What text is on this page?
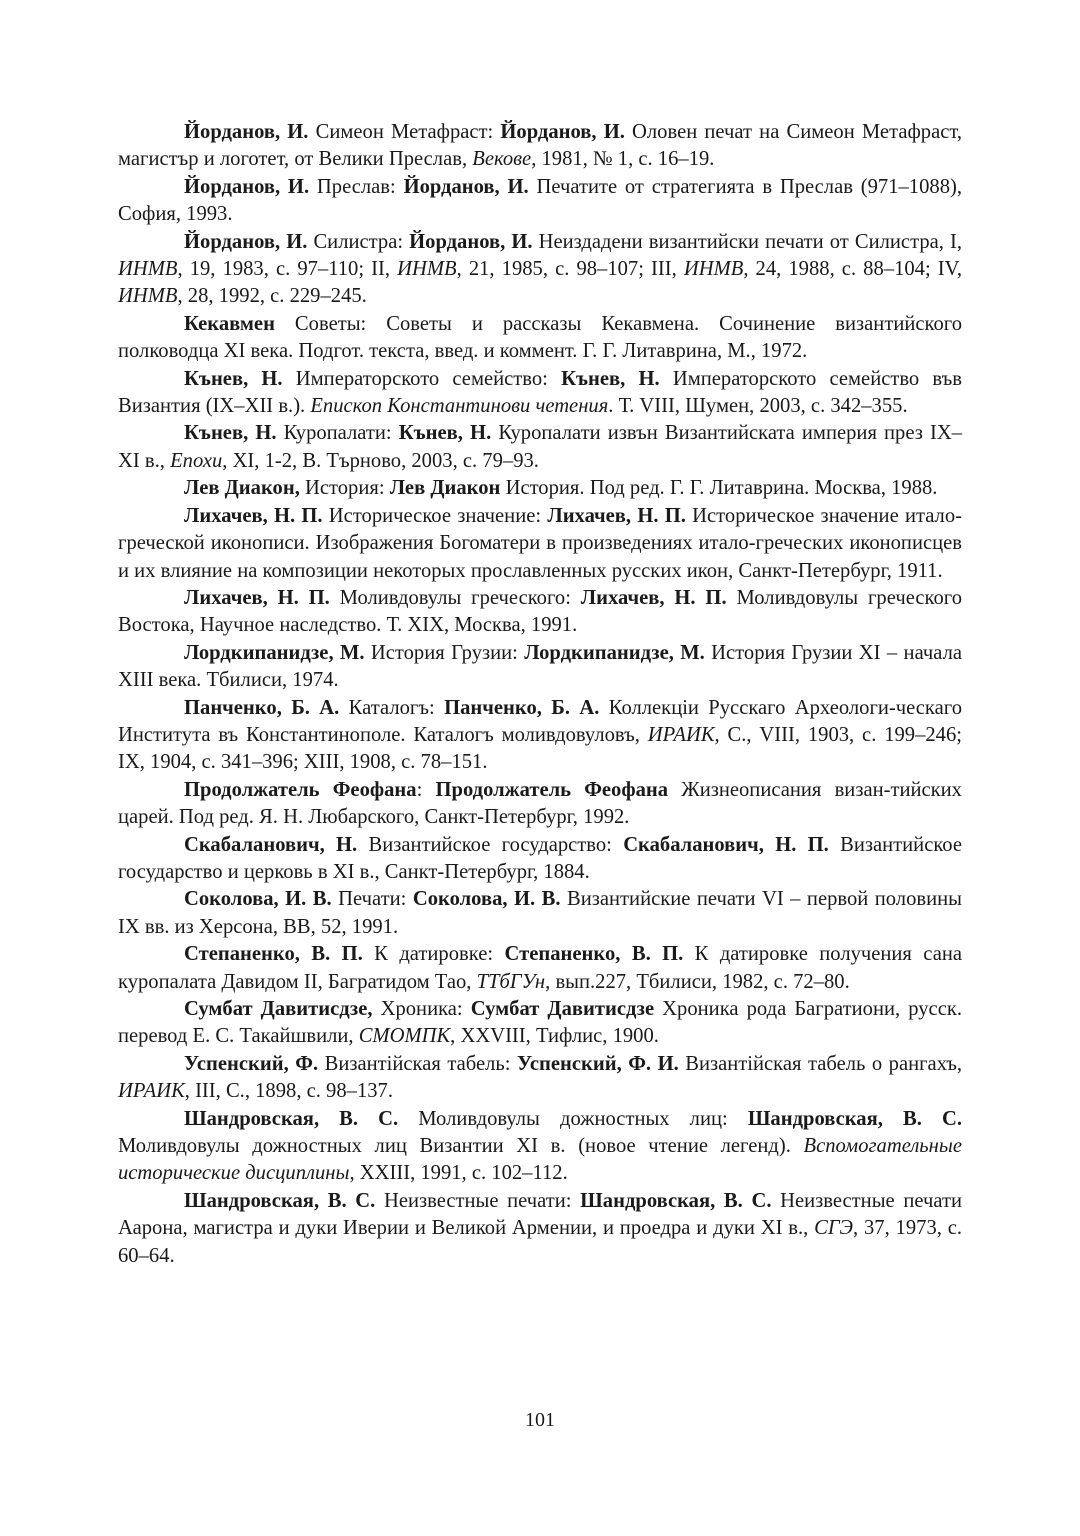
Йорданов, И. Симеон Метафраст: Йорданов, И. Оловен печат на Симеон Метафраст, магистър и логотет, от Велики Преслав, Векове, 1981, № 1, с. 16–19.

Йорданов, И. Преслав: Йорданов, И. Печатите от стратегията в Преслав (971–1088), София, 1993.

Йорданов, И. Силистра: Йорданов, И. Неиздадени византийски печати от Силистра, I, ИНМВ, 19, 1983, с. 97–110; II, ИНМВ, 21, 1985, с. 98–107; III, ИНМВ, 24, 1988, с. 88–104; IV, ИНМВ, 28, 1992, с. 229–245.

Кекавмен Советы: Советы и рассказы Кекавмена. Сочинение византийского полководца XI века. Подгот. текста, введ. и коммент. Г. Г. Литаврина, М., 1972.

Кънев, Н. Императорското семейство: Кънев, Н. Императорското семейство във Византия (IX–XII в.). Епископ Константинови четения. Т. VIII, Шумен, 2003, с. 342–355.

Кънев, Н. Куропалати: Кънев, Н. Куропалати извън Византийската империя през IX–XI в., Епохи, XI, 1-2, В. Търново, 2003, с. 79–93.

Лев Диакон, История: Лев Диакон История. Под ред. Г. Г. Литаврина. Москва, 1988.

Лихачев, Н. П. Историческое значение: Лихачев, Н. П. Историческое значение итало-греческой иконописи. Изображения Богоматери в произведениях итало-греческих иконописцев и их влияние на композиции некоторых прославленных русских икон, Санкт-Петербург, 1911.

Лихачев, Н. П. Моливдовулы греческого: Лихачев, Н. П. Моливдовулы греческого Востока, Научное наследство. Т. XIX, Москва, 1991.

Лордкипанидзе, М. История Грузии: Лордкипанидзе, М. История Грузии XI – начала XIII века. Тбилиси, 1974.

Панченко, Б. А. Каталогъ: Панченко, Б. А. Коллекцiи Русскаго Археологи-ческаго Института въ Константинополе. Каталогъ моливдовуловъ, ИРАИК, С., VIII, 1903, с. 199–246; IX, 1904, с. 341–396; XIII, 1908, с. 78–151.

Продолжатель Феофана: Продолжатель Феофана Жизнеописания визан-тийских царей. Под ред. Я. Н. Любарского, Санкт-Петербург, 1992.

Скабаланович, Н. Византийское государство: Скабаланович, Н. П. Византийское государство и церковь в XI в., Санкт-Петербург, 1884.

Соколова, И. В. Печати: Соколова, И. В. Византийские печати VI – первой половины IX вв. из Херсона, ВВ, 52, 1991.

Степаненко, В. П. К датировке: Степаненко, В. П. К датировке получения сана куропалата Давидом II, Багратидом Тао, ТТбГУн, вып.227, Тбилиси, 1982, с. 72–80.

Сумбат Давитисдзе, Хроника: Сумбат Давитисдзе Хроника рода Багратиони, русск. перевод Е. С. Такайшвили, СМОМПК, XXVIII, Тифлис, 1900.

Успенский, Ф. Византiйская табель: Успенский, Ф. И. Византiйская табель о рангахъ, ИРАИК, III, С., 1898, с. 98–137.

Шандровская, В. С. Моливдовулы дожностных лиц: Шандровская, В. С. Моливдовулы дожностных лиц Византии XI в. (новое чтение легенд). Вспомогательные исторические дисциплины, XXIII, 1991, с. 102–112.

Шандровская, В. С. Неизвестные печати: Шандровская, В. С. Неизвестные печати Аарона, магистра и дуки Иверии и Великой Армении, и проедра и дуки XI в., СГЭ, 37, 1973, с. 60–64.

101
